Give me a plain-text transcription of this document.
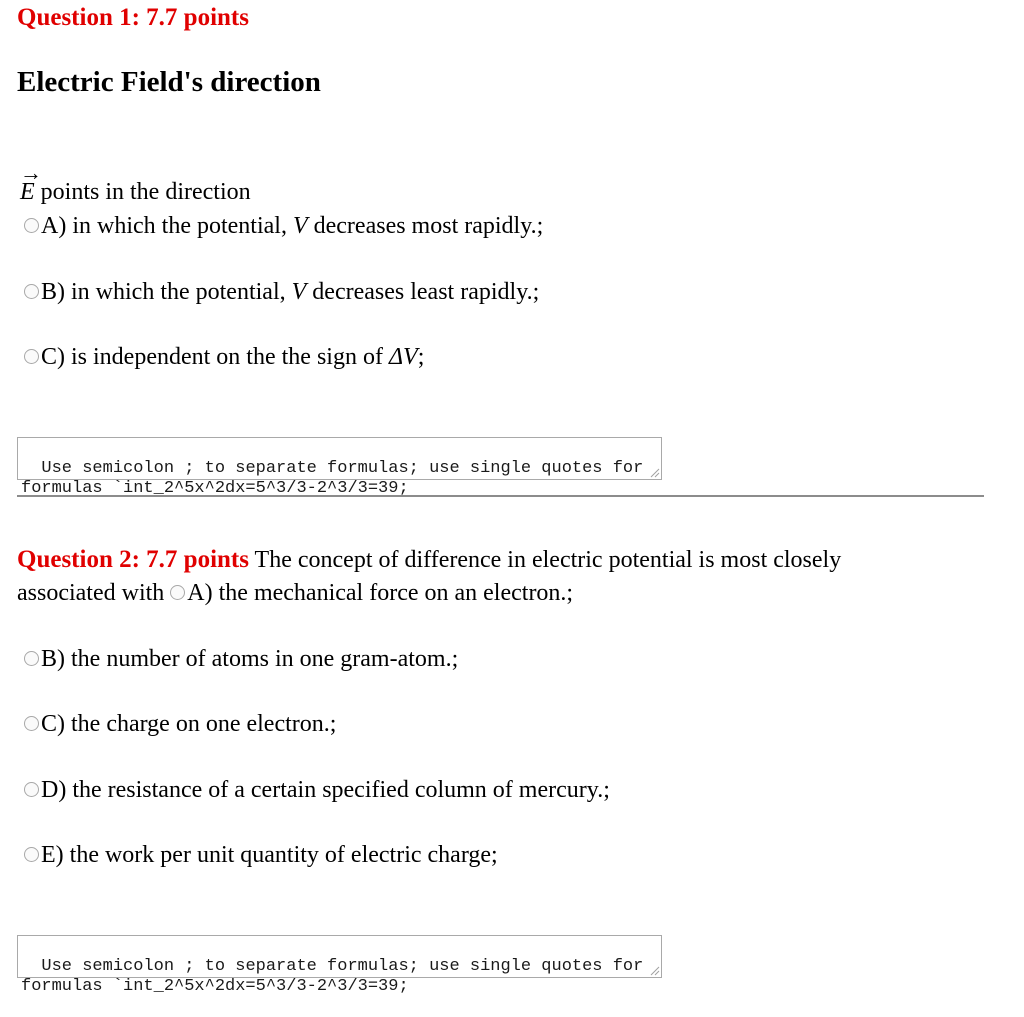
Question 1: 7.7 points
Electric Field's direction
→
E points in the direction
A) in which the potential, V decreases most rapidly.;
B) in which the potential, V decreases least rapidly.;
C) is independent on the the sign of ΔV;

Use semicolon ; to separate formulas; use single quotes for formulas `int_2^5x^2dx=5^3/3-2^3/3=39;

Question 2: 7.7 points The concept of difference in electric potential is most closely
associated with A) the mechanical force on an electron.;
B) the number of atoms in one gram-atom.;
C) the charge on one electron.;
D) the resistance of a certain specified column of mercury.;
E) the work per unit quantity of electric charge;

Use semicolon ; to separate formulas; use single quotes for formulas `int_2^5x^2dx=5^3/3-2^3/3=39;
